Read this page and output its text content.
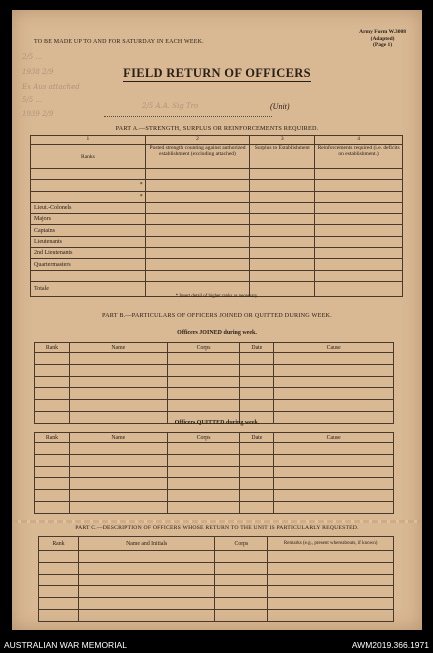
TO BE MADE UP TO AND FOR SATURDAY IN EACH WEEK.
Army Form W.3008
(Adapted)
(Page 1)
2/5 ...
1938 2/9
Ex Aus attached
5/5 ...
1939 2/9
FIELD RETURN OF OFFICERS
2/5 A.A. Sig Tro	(Unit)
PART A.—STRENGTH, SURPLUS OR REINFORCEMENTS REQUIRED.
1	2	3	4
Ranks	Posted strength counting against authorized establishment (excluding attached)	Surplus to Establishment	Reinforcements required (i.e. deficits on establishment.)

*			
*			
Lieut.-Colonels			
Majors			
Captains			
Lieutenants			
2nd Lieutenants			
Quartermasters			

Totale			
* Insert detail of higher ranks as necessary.
PART B.—PARTICULARS OF OFFICERS JOINED OR QUITTED DURING WEEK.
Officers JOINED during week.
Rank	Name	Corps	Date	Cause

Officers QUITTED during week.
Rank	Name	Corps	Date	Cause

PART C.—DESCRIPTION OF OFFICERS WHOSE RETURN TO THE UNIT IS PARTICULARLY REQUESTED.
Rank	Name and Initials	Corps	Remarks (e.g., present whereabouts, if known)

AUSTRALIAN WAR MEMORIAL	AWM2019.366.1971
